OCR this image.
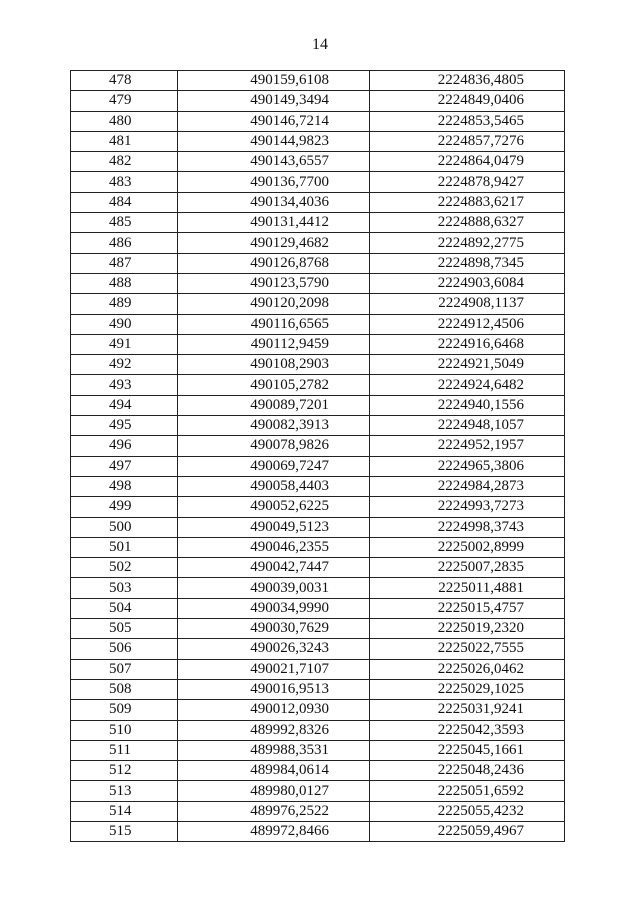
14
478	490159,6108	2224836,4805
479	490149,3494	2224849,0406
480	490146,7214	2224853,5465
481	490144,9823	2224857,7276
482	490143,6557	2224864,0479
483	490136,7700	2224878,9427
484	490134,4036	2224883,6217
485	490131,4412	2224888,6327
486	490129,4682	2224892,2775
487	490126,8768	2224898,7345
488	490123,5790	2224903,6084
489	490120,2098	2224908,1137
490	490116,6565	2224912,4506
491	490112,9459	2224916,6468
492	490108,2903	2224921,5049
493	490105,2782	2224924,6482
494	490089,7201	2224940,1556
495	490082,3913	2224948,1057
496	490078,9826	2224952,1957
497	490069,7247	2224965,3806
498	490058,4403	2224984,2873
499	490052,6225	2224993,7273
500	490049,5123	2224998,3743
501	490046,2355	2225002,8999
502	490042,7447	2225007,2835
503	490039,0031	2225011,4881
504	490034,9990	2225015,4757
505	490030,7629	2225019,2320
506	490026,3243	2225022,7555
507	490021,7107	2225026,0462
508	490016,9513	2225029,1025
509	490012,0930	2225031,9241
510	489992,8326	2225042,3593
511	489988,3531	2225045,1661
512	489984,0614	2225048,2436
513	489980,0127	2225051,6592
514	489976,2522	2225055,4232
515	489972,8466	2225059,4967
